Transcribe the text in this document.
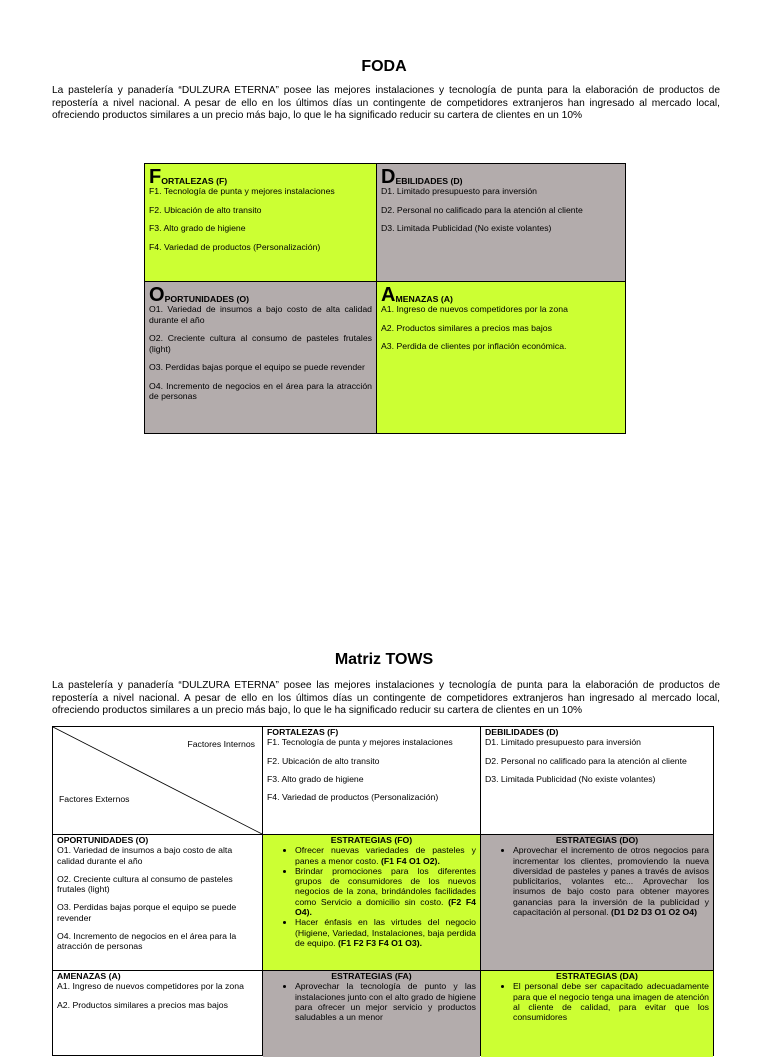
FODA
La pastelería y panadería “DULZURA ETERNA” posee las mejores instalaciones y tecnología de punta para la elaboración de productos de repostería a nivel nacional. A pesar de ello en los últimos días un contingente de competidores extranjeros han ingresado al mercado local, ofreciendo productos similares a un precio más bajo, lo que le ha significado reducir su cartera de clientes en un 10%
F ORTALEZAS (F)

F1. Tecnología de punta y mejores instalaciones

F2. Ubicación de alto transito

F3. Alto grado de higiene

F4. Variedad de productos (Personalización)

D EBILIDADES (D)

D1. Limitado presupuesto para inversión

D2. Personal no calificado para la atención al cliente

D3. Limitada Publicidad (No existe volantes)

O PORTUNIDADES (O)

O1. Variedad de insumos a bajo costo de alta calidad durante el año

O2. Creciente cultura al consumo de pasteles frutales (light)

O3. Perdidas bajas porque el equipo se puede revender

O4. Incremento de negocios en el área para la atracción de personas

A MENAZAS (A)

A1. Ingreso de nuevos competidores por la zona

A2. Productos similares a precios mas bajos

A3. Perdida de clientes por inflación económica.

Matriz TOWS
La pastelería y panadería “DULZURA ETERNA” posee las mejores instalaciones y tecnología de punta para la elaboración de productos de repostería a nivel nacional. A pesar de ello en los últimos días un contingente de competidores extranjeros han ingresado al mercado local, ofreciendo productos similares a un precio más bajo, lo que le ha significado reducir su cartera de clientes en un 10%
Factores Internos
Factores Externos
FORTALEZAS (F)

F1. Tecnología de punta y mejores instalaciones

F2. Ubicación de alto transito

F3. Alto grado de higiene

F4. Variedad de productos (Personalización)

DEBILIDADES (D)

D1. Limitado presupuesto para inversión

D2. Personal no calificado para la atención al cliente

D3. Limitada Publicidad (No existe volantes)

OPORTUNIDADES (O)

O1. Variedad de insumos a bajo costo de alta calidad durante el año

O2. Creciente cultura al consumo de pasteles frutales (light)

O3. Perdidas bajas porque el equipo se puede revender

O4. Incremento de negocios en el área para la atracción de personas

ESTRATEGIAS (FO)
• Ofrecer nuevas variedades de pasteles y panes a menor costo. (F1 F4 O1 O2).
• Brindar promociones para los diferentes grupos de consumidores de los nuevos negocios de la zona, brindándoles facilidades como Servicio a domicilio sin costo. (F2 F4 O4).
• Hacer énfasis en las virtudes del negocio (Higiene, Variedad, Instalaciones, baja perdida de equipo. (F1 F2 F3 F4 O1 O3).
ESTRATEGIAS (DO)
• Aprovechar el incremento de otros negocios para incrementar los clientes, promoviendo la nueva diversidad de pasteles y panes a través de avisos publicitarios, volantes etc... Aprovechar los insumos de bajo costo para obtener mayores ganancias para la inversión de la publicidad y capacitación al personal. (D1 D2 D3 O1 O2 O4)
AMENAZAS (A)

A1. Ingreso de nuevos competidores por la zona

A2. Productos similares a precios mas bajos

ESTRATEGIAS (FA)
• Aprovechar la tecnología de punto y las instalaciones junto con el alto grado de higiene para ofrecer un mejor servicio y productos saludables a un menor
ESTRATEGIAS (DA)
• El personal debe ser capacitado adecuadamente para que el negocio tenga una imagen de atención al cliente de calidad, para evitar que los consumidores
